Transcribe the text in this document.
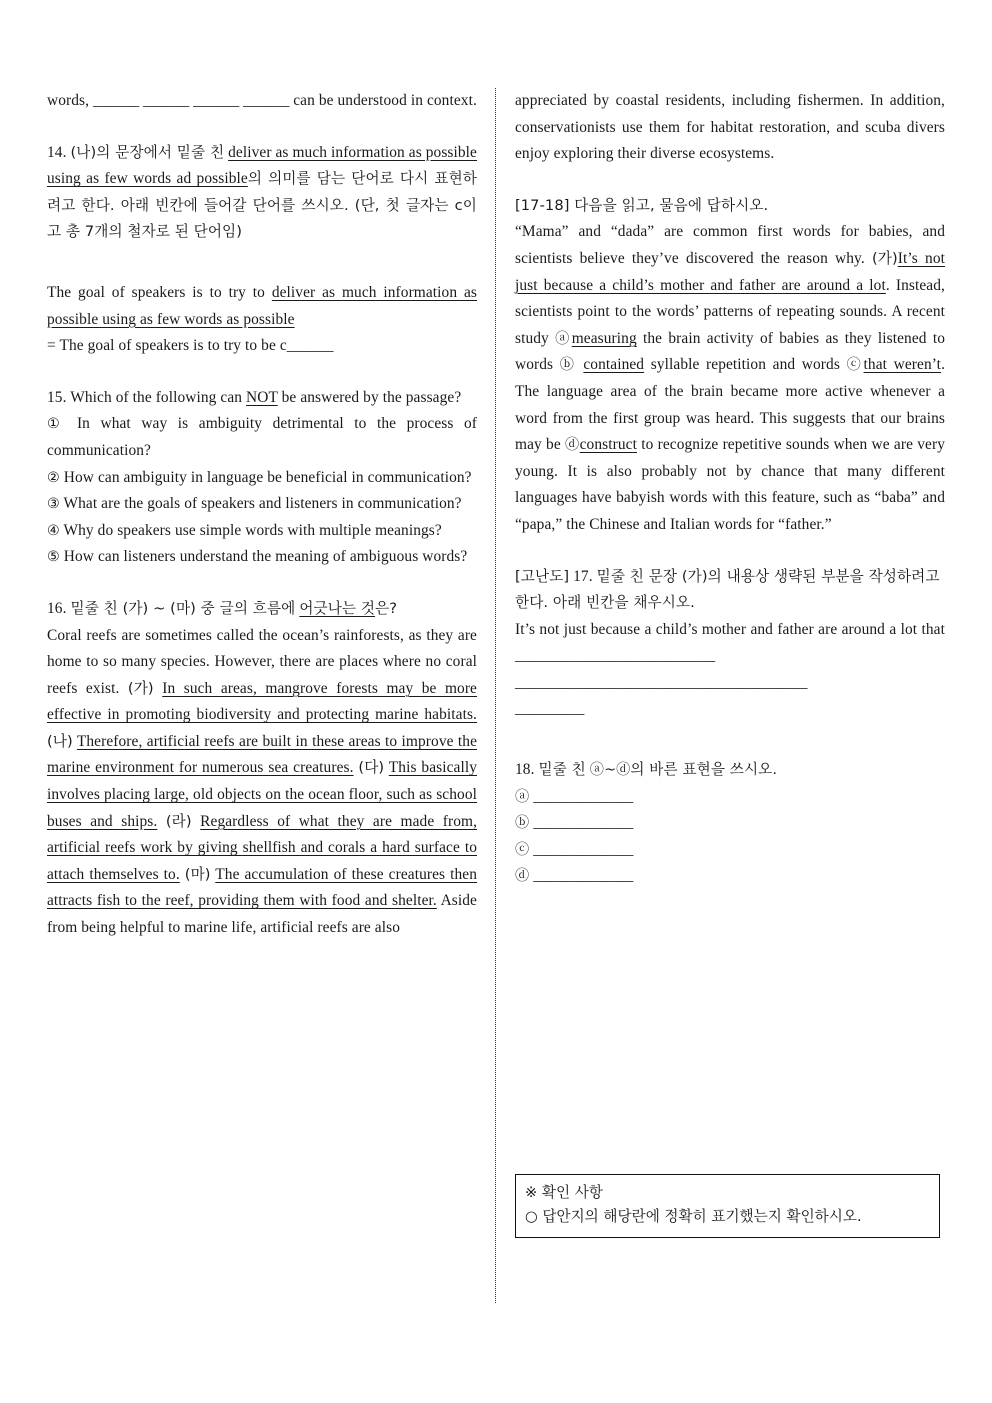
words, ______ ______ ______ ______ can be understood in context.

14. (나)의 문장에서 밑줄 친 deliver as much information as possible using as few words ad possible의 의미를 담는 단어로 다시 표현하려고 한다. 아래 빈칸에 들어갈 단어를 쓰시오. (단, 첫 글자는 c이고 총 7개의 철자로 된 단어임)

The goal of speakers is to try to deliver as much information as possible using as few words as possible

= The goal of speakers is to try to be c______

15. Which of the following can NOT be answered by the passage?

① In what way is ambiguity detrimental to the process of communication?

② How can ambiguity in language be beneficial in communication?

③ What are the goals of speakers and listeners in communication?

④ Why do speakers use simple words with multiple meanings?

⑤ How can listeners understand the meaning of ambiguous words?

16. 밑줄 친 (가) ~ (마) 중 글의 흐름에 어긋나는 것은?

Coral reefs are sometimes called the ocean’s rainforests, as they are home to so many species. However, there are places where no coral reefs exist. (가) In such areas, mangrove forests may be more effective in promoting biodiversity and protecting marine habitats. (나) Therefore, artificial reefs are built in these areas to improve the marine environment for numerous sea creatures. (다) This basically involves placing large, old objects on the ocean floor, such as school buses and ships. (라) Regardless of what they are made from, artificial reefs work by giving shellfish and corals a hard surface to attach themselves to. (마) The accumulation of these creatures then attracts fish to the reef, providing them with food and shelter. Aside from being helpful to marine life, artificial reefs are also

appreciated by coastal residents, including fishermen. In addition, conservationists use them for habitat restoration, and scuba divers enjoy exploring their diverse ecosystems.

[17-18] 다음을 읽고, 물음에 답하시오.

“Mama” and “dada” are common first words for babies, and scientists believe they’ve discovered the reason why. (가)It’s not just because a child’s mother and father are around a lot. Instead, scientists point to the words’ patterns of repeating sounds. A recent study ⓐmeasuring the brain activity of babies as they listened to words ⓑ contained syllable repetition and words ⓒthat weren’t. The language area of the brain became more active whenever a word from the first group was heard. This suggests that our brains may be ⓓconstruct to recognize repetitive sounds when we are very young. It is also probably not by chance that many different languages have babyish words with this feature, such as “baba” and “papa,” the Chinese and Italian words for “father.”

[고난도] 17. 밑줄 친 문장 (가)의 내용상 생략된 부분을 작성하려고 한다. 아래 빈칸을 채우시오.

It’s not just because a child’s mother and father are around a lot that __________________________

______________________________________

_________

18. 밑줄 친 ⓐ~ⓓ의 바른 표현을 쓰시오.

ⓐ _____________

ⓑ _____________

ⓒ _____________

ⓓ _____________

※ 확인 사항
○ 답안지의 해당란에 정확히 표기했는지 확인하시오.
